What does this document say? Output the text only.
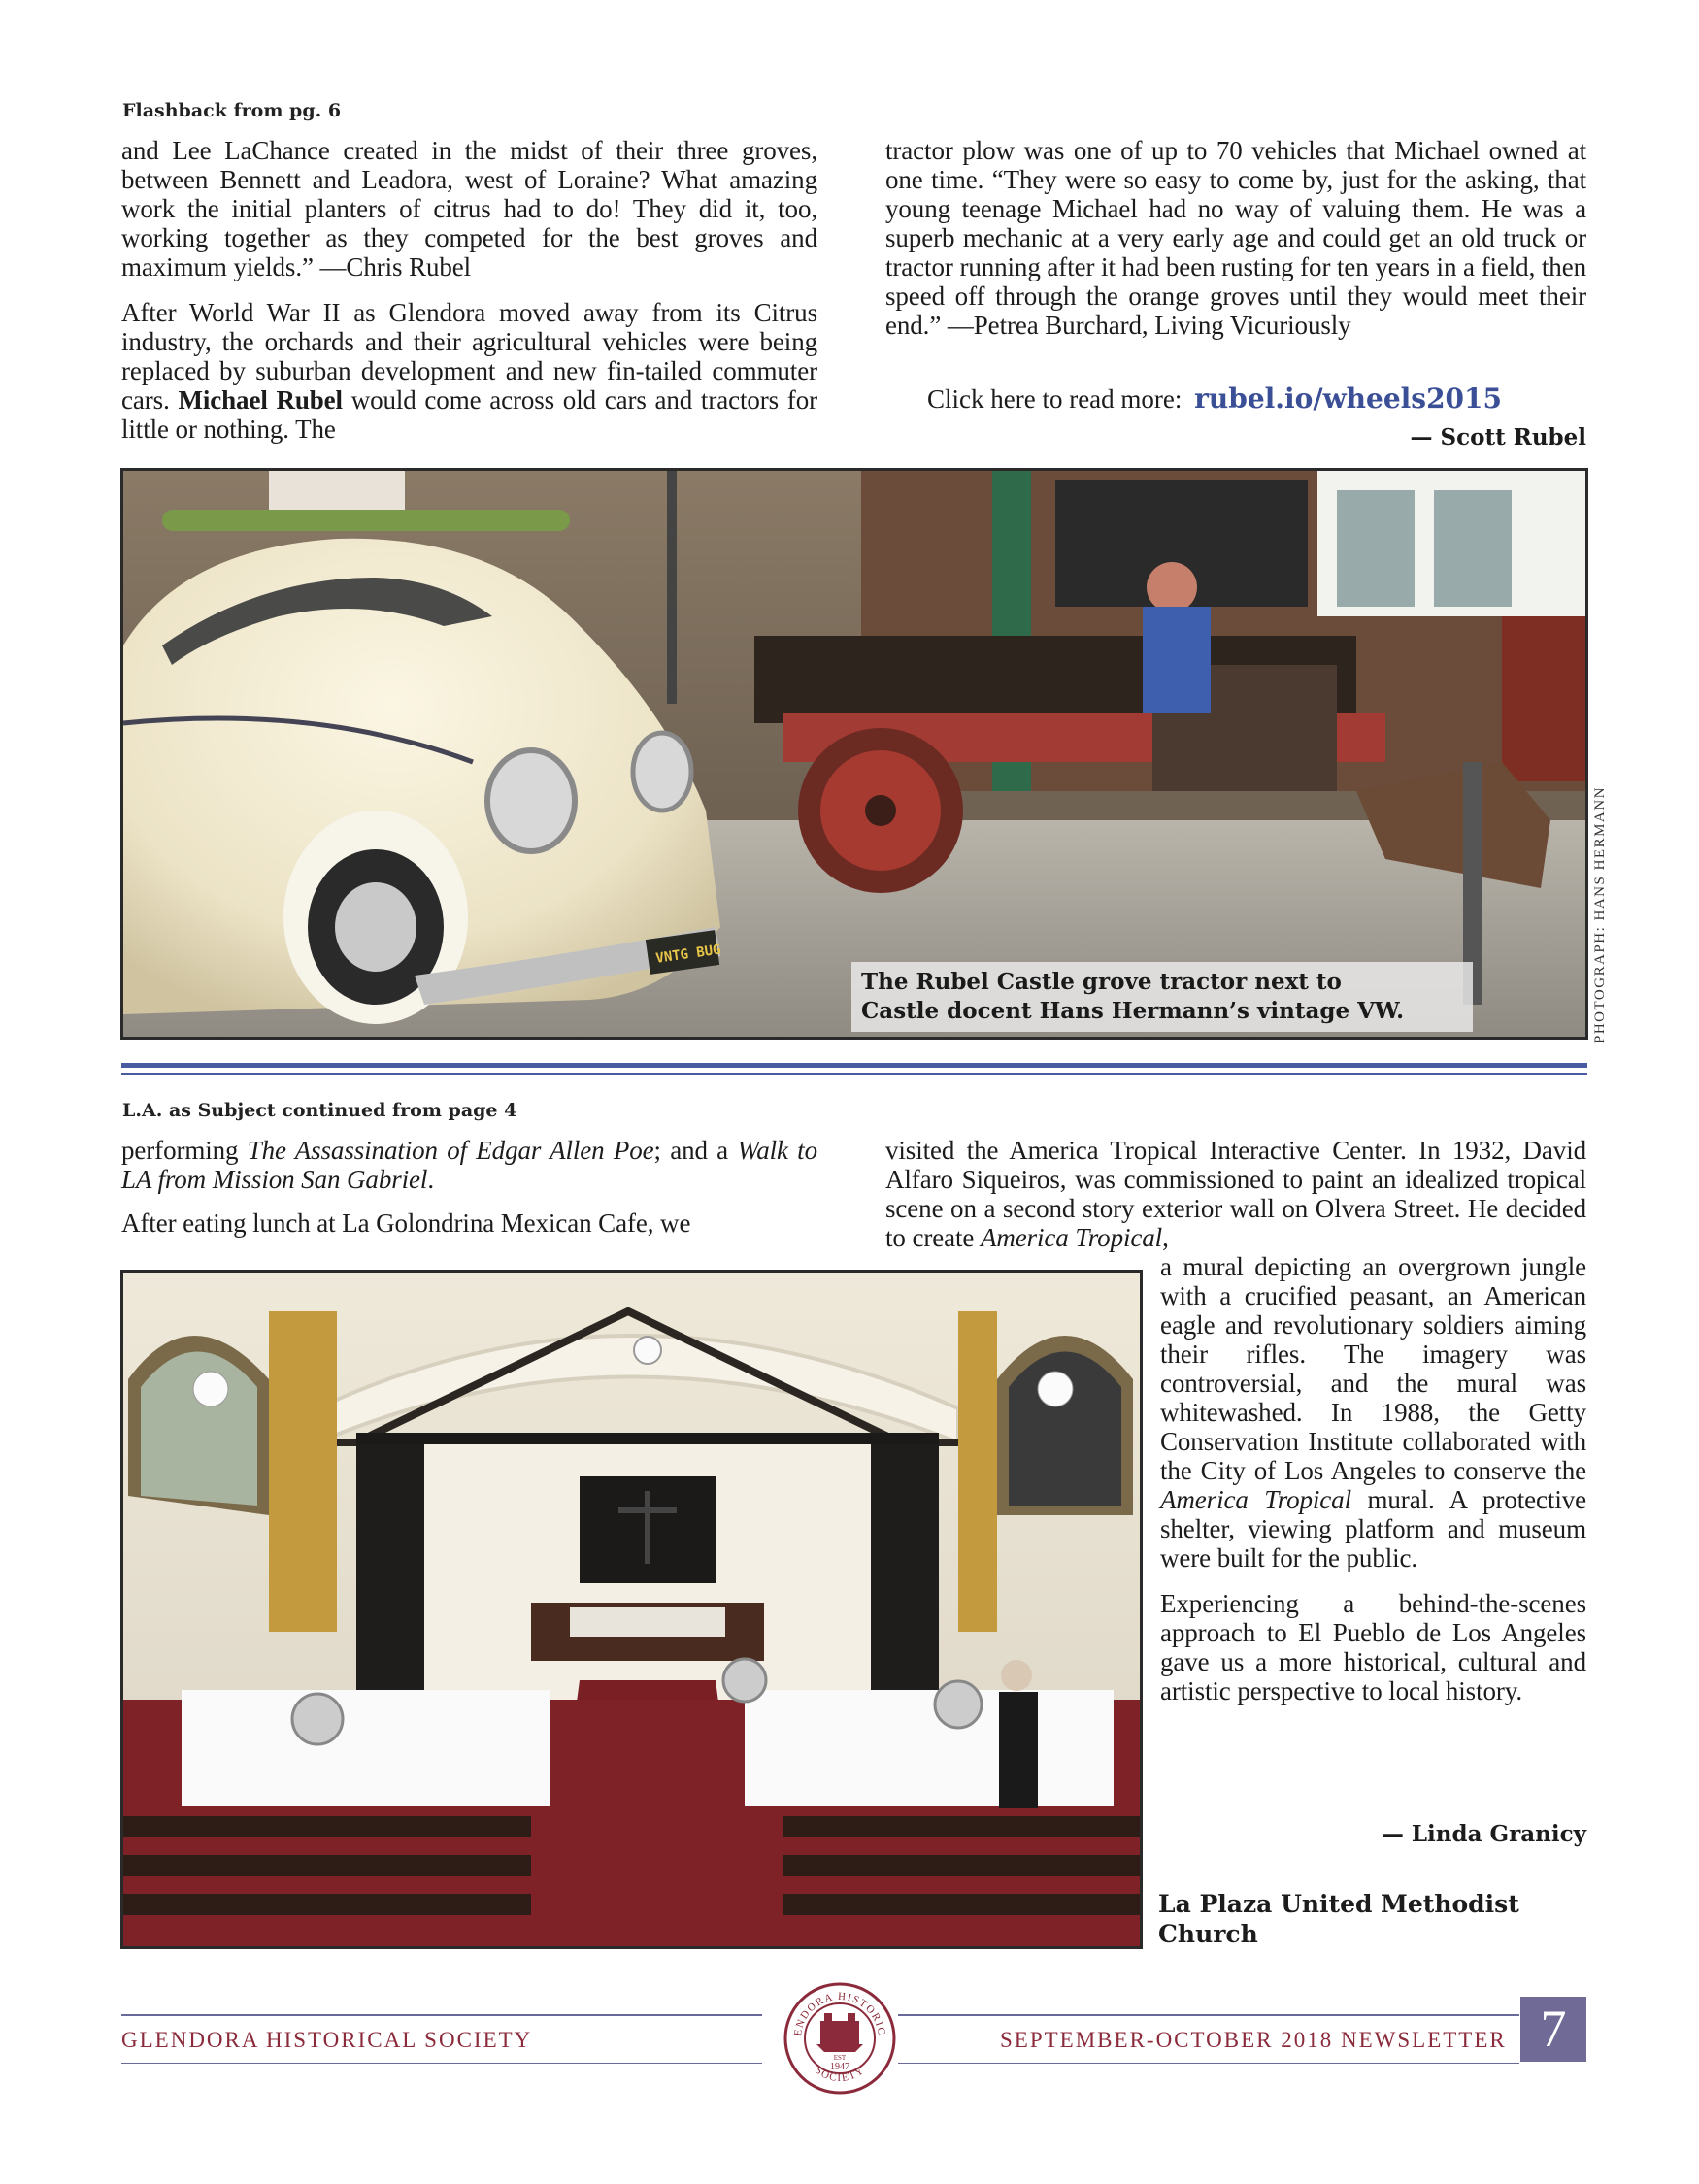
Flashback from pg. 6

and Lee LaChance created in the midst of their three groves, between Bennett and Leadora, west of Loraine? What amazing work the initial planters of citrus had to do! They did it, too, working together as they competed for the best groves and maximum yields.” —Chris Rubel

After World War II as Glendora moved away from its Citrus industry, the orchards and their agricultural vehicles were being replaced by suburban development and new fin-tailed commuter cars. Michael Rubel would come across old cars and tractors for little or nothing. The

tractor plow was one of up to 70 vehicles that Michael owned at one time. “They were so easy to come by, just for the asking, that young teenage Michael had no way of valuing them. He was a superb mechanic at a very early age and could get an old truck or tractor running after it had been rusting for ten years in a field, then speed off through the orange groves until they would meet their end.” —Petrea Burchard, Living Vicuriously

Click here to read more: rubel.io/wheels2015
— Scott Rubel
VNTG BUG
The Rubel Castle grove tractor next to
Castle docent Hans Hermann’s vintage VW.	PHOTOGRAPH: HANS HERMANN
L.A. as Subject continued from page 4

performing The Assassination of Edgar Allen Poe; and a Walk to LA from Mission San Gabriel.

After eating lunch at La Golondrina Mexican Cafe, we

visited the America Tropical Interactive Center. In 1932, David Alfaro Siqueiros, was commissioned to paint an idealized tropical scene on a second story exterior wall on Olvera Street. He decided to create America Tropical,

a mural depicting an overgrown jungle with a crucified peasant, an American eagle and revolutionary soldiers aiming their rifles. The imagery was controversial, and the mural was whitewashed. In 1988, the Getty Conservation Institute collaborated with the City of Los Angeles to conserve the America Tropical mural. A protective shelter, viewing platform and museum were built for the public.

Experiencing a behind-the-scenes approach to El Pueblo de Los Angeles gave us a more historical, cultural and artistic perspective to local history.

— Linda Granicy
La Plaza United Methodist Church
GLENDORA HISTORICAL SOCIETY	SEPTEMBER-OCTOBER 2018 NEWSLETTER
ENDORA HISTORIC
SOCIETY
EST
1947
7
